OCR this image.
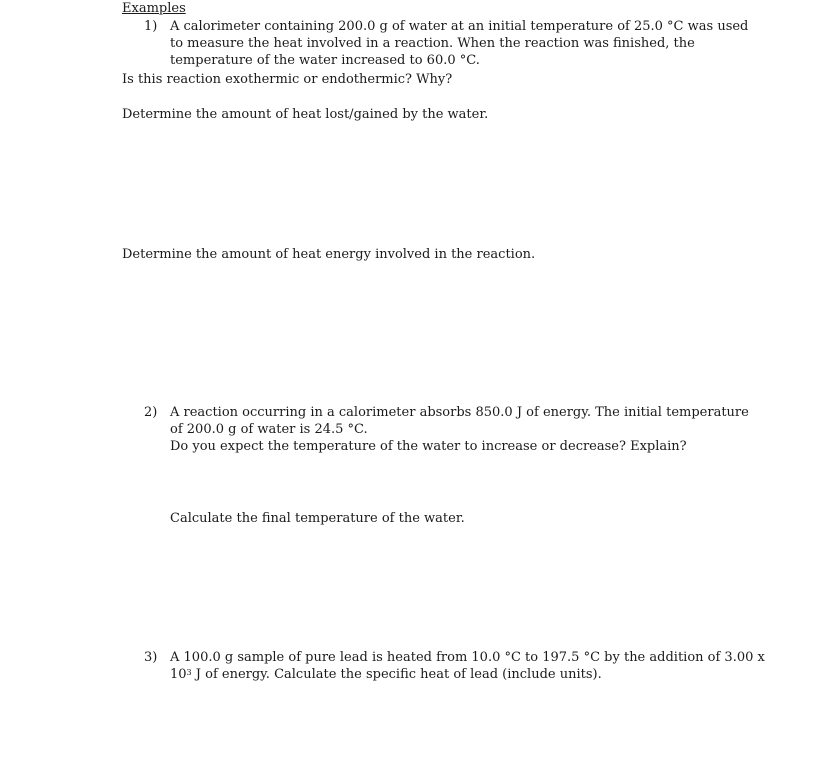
Examples
1) A calorimeter containing 200.0 g of water at an initial temperature of 25.0 °C was used
to measure the heat involved in a reaction. When the reaction was finished, the
temperature of the water increased to 60.0 °C.
Is this reaction exothermic or endothermic? Why?
Determine the amount of heat lost/gained by the water.
Determine the amount of heat energy involved in the reaction.
2) A reaction occurring in a calorimeter absorbs 850.0 J of energy. The initial temperature
of 200.0 g of water is 24.5 °C.
Do you expect the temperature of the water to increase or decrease? Explain?
Calculate the final temperature of the water.
3) A 100.0 g sample of pure lead is heated from 10.0 °C to 197.5 °C by the addition of 3.00 x
$10^3$ J of energy. Calculate the specific heat of lead (include units).
